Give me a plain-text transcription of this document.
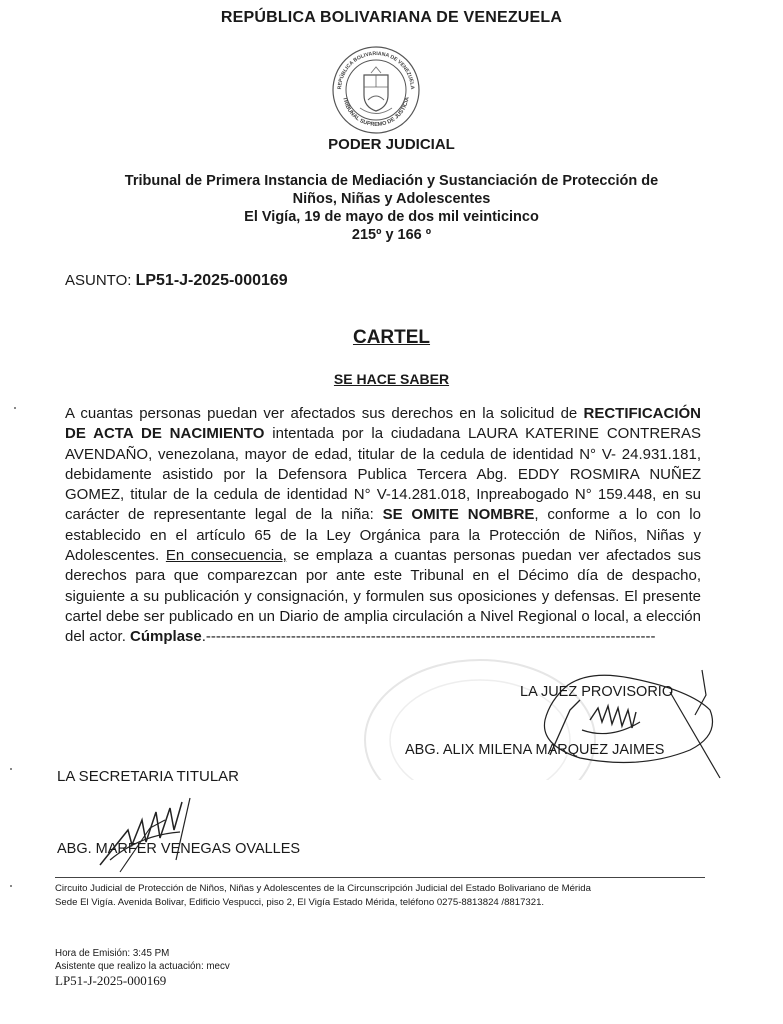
REPÚBLICA BOLIVARIANA DE VENEZUELA
REPÚBLICA BOLIVARIANA DE VENEZUELA
TRIBUNAL SUPREMO DE JUSTICIA
PODER JUDICIAL
Tribunal de Primera Instancia de Mediación y Sustanciación de Protección de
Niños, Niñas y Adolescentes
El Vigía, 19 de mayo de dos mil veinticinco
215º y 166 º
ASUNTO: LP51-J-2025-000169
CARTEL
SE HACE SABER
A cuantas personas puedan ver afectados sus derechos en la solicitud de RECTIFICACIÓN DE ACTA DE NACIMIENTO intentada por la ciudadana LAURA KATERINE CONTRERAS AVENDAÑO, venezolana, mayor de edad, titular de la cedula de identidad N° V- 24.931.181, debidamente asistido por la Defensora Publica Tercera Abg. EDDY ROSMIRA NUÑEZ GOMEZ, titular de la cedula de identidad N° V-14.281.018, Inpreabogado N° 159.448, en su carácter de representante legal de la niña: SE OMITE NOMBRE, conforme a lo con lo establecido en el artículo 65 de la Ley Orgánica para la Protección de Niños, Niñas y Adolescentes. En consecuencia, se emplaza a cuantas personas puedan ver afectados sus derechos para que comparezcan por ante este Tribunal en el Décimo día de despacho, siguiente a su publicación y consignación, y formulen sus oposiciones y defensas. El presente cartel debe ser publicado en un Diario de amplia circulación a Nivel Regional o local, a elección del actor. Cúmplase.------------------------------------------------------------------------------------------
LA JUEZ PROVISORIO
ABG. ALIX MILENA MARQUEZ JAIMES
LA SECRETARIA TITULAR
ABG. MARFER VENEGAS OVALLES
Circuito Judicial de Protección de Niños, Niñas y Adolescentes de la Circunscripción Judicial del Estado Bolivariano de Mérida
Sede El Vigía. Avenida Bolivar, Edificio Vespucci, piso 2, El Vigía Estado Mérida, teléfono 0275-8813824 /8817321.
Hora de Emisión: 3:45 PM
Asistente que realizo la actuación: mecv
LP51-J-2025-000169
